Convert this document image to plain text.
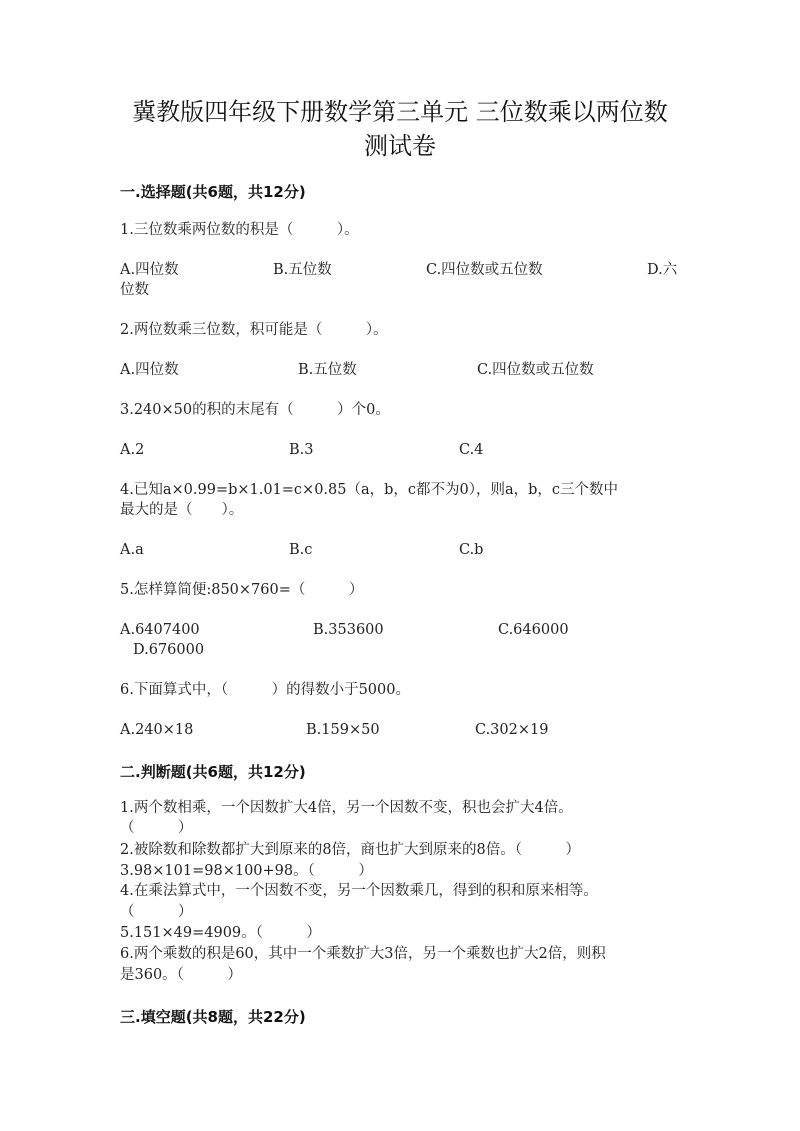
冀教版四年级下册数学第三单元 三位数乘以两位数
测试卷
一.选择题(共6题，共12分)
1.三位数乘两位数的积是（　　　）。
A.四位数	B.五位数	C.四位数或五位数	D.六
位数
2.两位数乘三位数，积可能是（　　　）。
A.四位数	B.五位数	C.四位数或五位数
3.240×50的积的末尾有（　　　）个0。
A.2	B.3	C.4
4.已知a×0.99=b×1.01=c×0.85（a，b，c都不为0），则a，b，c三个数中
最大的是（　　）。
A.a	B.c	C.b
5.怎样算简便:850×760=（　　　）
A.6407400	B.353600	C.646000
D.676000
6.下面算式中，（　　　）的得数小于5000。
A.240×18	B.159×50	C.302×19
二.判断题(共6题，共12分)
1.两个数相乘，一个因数扩大4倍，另一个因数不变，积也会扩大4倍。
（　　　）
2.被除数和除数都扩大到原来的8倍，商也扩大到原来的8倍。（　　　）
3.98×101=98×100+98。（　　　）
4.在乘法算式中，一个因数不变，另一个因数乘几，得到的积和原来相等。
（　　　）
5.151×49=4909。（　　　）
6.两个乘数的积是60，其中一个乘数扩大3倍，另一个乘数也扩大2倍，则积
是360。（　　　）
三.填空题(共8题，共22分)
